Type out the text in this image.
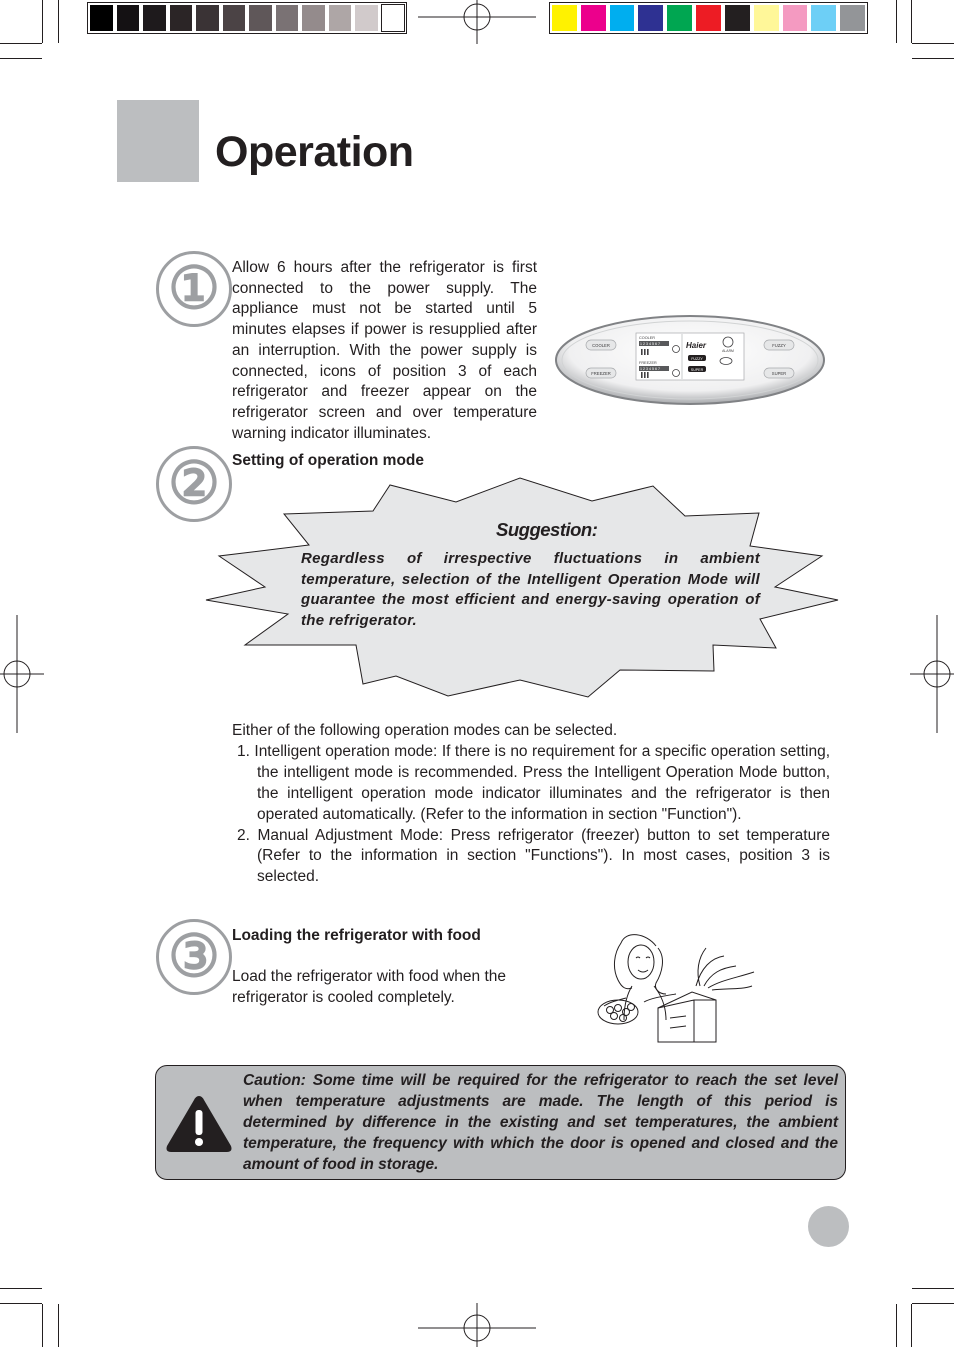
Operation
① Allow 6 hours after the refrigerator is first connected to the power supply. The appliance must not be started until 5 minutes elapses if power is resupplied after an interruption. With the power supply is connected, icons of position 3 of each refrigerator and freezer appear on the refrigerator screen and over temperature warning indicator illuminates.
COOLER
FREEZER
FUZZY
SUPER
COOLER
1 2 3 4 5 6 7
FREEZER
1 2 3 4 5 6 7
Haier
FUZZY
SUPER
ALARM
② Setting of operation mode
Suggestion:
Regardless of irrespective fluctuations in ambient temperature, selection of the Intelligent Operation Mode will guarantee the most efficient and energy-saving operation of the refrigerator.
Either of the following operation modes can be selected.
1. Intelligent operation mode: If there is no requirement for a specific operation setting, the intelligent mode is recommended. Press the Intelligent Operation Mode button, the intelligent operation mode indicator illuminates and the refrigerator is then operated automatically. (Refer to the information in section "Function").
2. Manual Adjustment Mode: Press refrigerator (freezer) button to set temperature (Refer to the information in section "Functions"). In most cases, position 3 is selected.
③ Loading the refrigerator with food
Load the refrigerator with food when the refrigerator is cooled completely.
Caution: Some time will be required for the refrigerator to reach the set level when temperature adjustments are made. The length of this period is determined by difference in the existing and set temperatures, the ambient temperature, the frequency with which the door is opened and closed and the amount of food in storage.
